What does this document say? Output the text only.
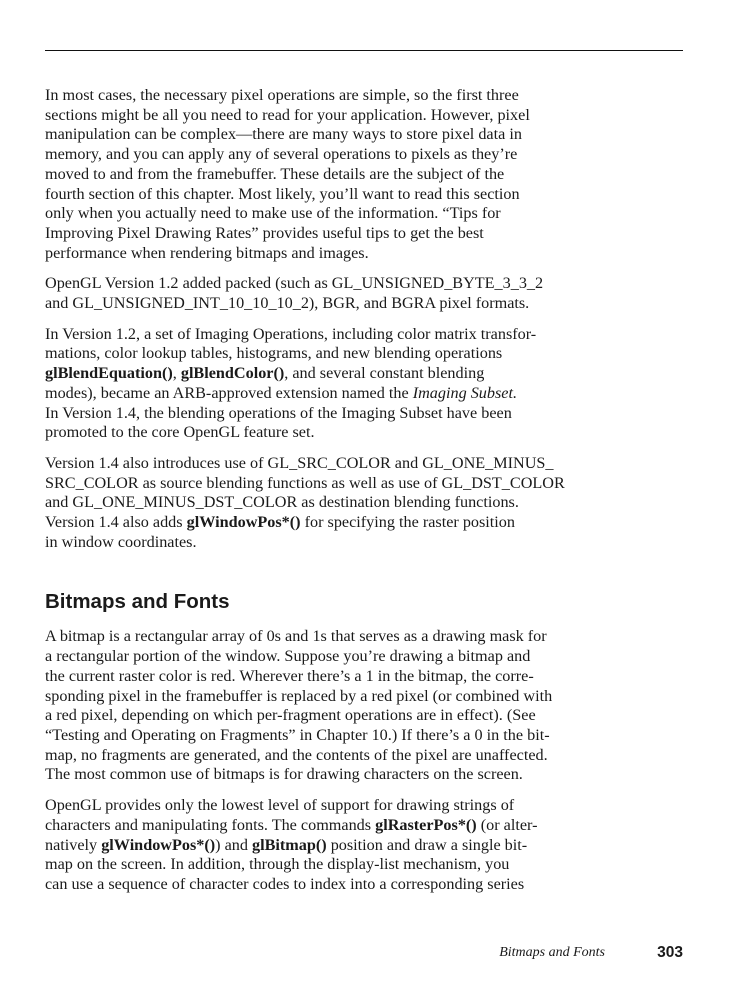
In most cases, the necessary pixel operations are simple, so the first three
sections might be all you need to read for your application. However, pixel
manipulation can be complex—there are many ways to store pixel data in
memory, and you can apply any of several operations to pixels as they’re
moved to and from the framebuffer. These details are the subject of the
fourth section of this chapter. Most likely, you’ll want to read this section
only when you actually need to make use of the information. “Tips for
Improving Pixel Drawing Rates” provides useful tips to get the best
performance when rendering bitmaps and images.

OpenGL Version 1.2 added packed (such as GL_UNSIGNED_BYTE_3_3_2
and GL_UNSIGNED_INT_10_10_10_2), BGR, and BGRA pixel formats.

In Version 1.2, a set of Imaging Operations, including color matrix transfor-
mations, color lookup tables, histograms, and new blending operations
glBlendEquation(), glBlendColor(), and several constant blending
modes), became an ARB-approved extension named the Imaging Subset.
In Version 1.4, the blending operations of the Imaging Subset have been
promoted to the core OpenGL feature set.

Version 1.4 also introduces use of GL_SRC_COLOR and GL_ONE_MINUS_
SRC_COLOR as source blending functions as well as use of GL_DST_COLOR
and GL_ONE_MINUS_DST_COLOR as destination blending functions.
Version 1.4 also adds glWindowPos*() for specifying the raster position
in window coordinates.

Bitmaps and Fonts

A bitmap is a rectangular array of 0s and 1s that serves as a drawing mask for
a rectangular portion of the window. Suppose you’re drawing a bitmap and
the current raster color is red. Wherever there’s a 1 in the bitmap, the corre-
sponding pixel in the framebuffer is replaced by a red pixel (or combined with
a red pixel, depending on which per-fragment operations are in effect). (See
“Testing and Operating on Fragments” in Chapter 10.) If there’s a 0 in the bit-
map, no fragments are generated, and the contents of the pixel are unaffected.
The most common use of bitmaps is for drawing characters on the screen.

OpenGL provides only the lowest level of support for drawing strings of
characters and manipulating fonts. The commands glRasterPos*() (or alter-
natively glWindowPos*()) and glBitmap() position and draw a single bit-
map on the screen. In addition, through the display-list mechanism, you
can use a sequence of character codes to index into a corresponding series

Bitmaps and Fonts	303
